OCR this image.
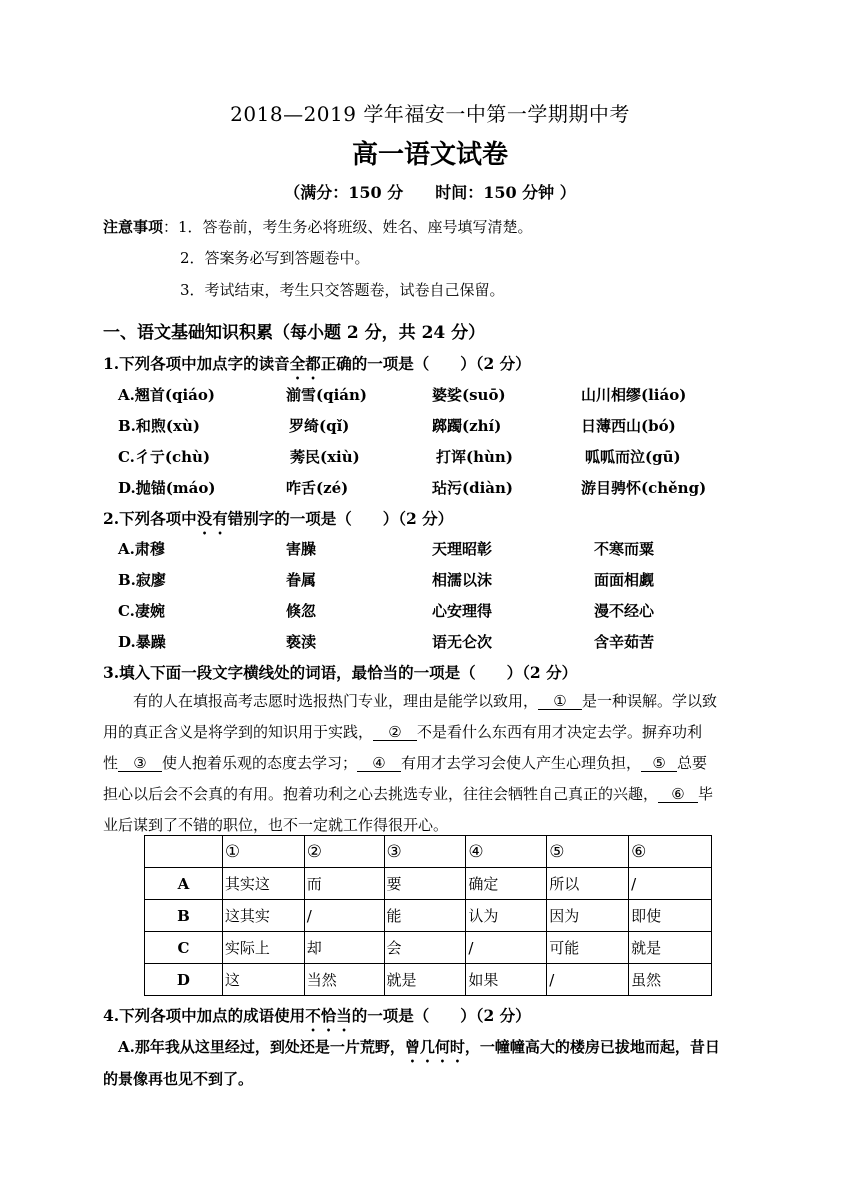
2018—2019 学年福安一中第一学期期中考
高一语文试卷
（满分：150 分　　时间：150 分钟 ）
注意事项：1．答卷前，考生务必将班级、姓名、座号填写清楚。
2．答案务必写到答题卷中。
3．考试结束，考生只交答题卷，试卷自己保留。
一、语文基础知识积累（每小题 2 分，共 24 分）
1.下列各项中加点字的读音全都正确的一项是（　　）（2 分）
A.翘首(qiáo)	湔雪(qián)	婆娑(suō)	山川相缪(liáo)
B.和煦(xù)	罗绮(qǐ)	踯躅(zhí)	日薄西山(bó)
C.彳亍(chù)	莠民(xiù)	打诨(hùn)	呱呱而泣(gū)
D.抛锚(máo)	咋舌(zé)	玷污(diàn)	游目骋怀(chěng)
2.下列各项中没有错别字的一项是（　　）（2 分）
A.肃穆	害臊	天理昭彰	不寒而粟
B.寂廖	眷属	相濡以沫	面面相觑
C.凄婉	倏忽	心安理得	漫不经心
D.暴躁	亵渎	语无仑次	含辛茹苦
3.填入下面一段文字横线处的词语，最恰当的一项是（　　）（2 分）
有的人在填报高考志愿时选报热门专业，理由是能学以致用， ① 是一种误解。学以致
用的真正含义是将学到的知识用于实践， ② 不是看什么东西有用才决定去学。摒弃功利
性 ③ 使人抱着乐观的态度去学习； ④ 有用才去学习会使人产生心理负担， ⑤ 总要
担心以后会不会真的有用。抱着功利之心去挑选专业，往往会牺牲自己真正的兴趣， ⑥ 毕
业后谋到了不错的职位，也不一定就工作得很开心。
	①	②	③	④	⑤	⑥
A	其实这	而	要	确定	所以	/
B	这其实	/	能	认为	因为	即使
C	实际上	却	会	/	可能	就是
D	这	当然	就是	如果	/	虽然
4.下列各项中加点的成语使用不恰当的一项是（　　）（2 分）
A.那年我从这里经过，到处还是一片荒野，曾几何时，一幢幢高大的楼房已拔地而起，昔日
的景像再也见不到了。
